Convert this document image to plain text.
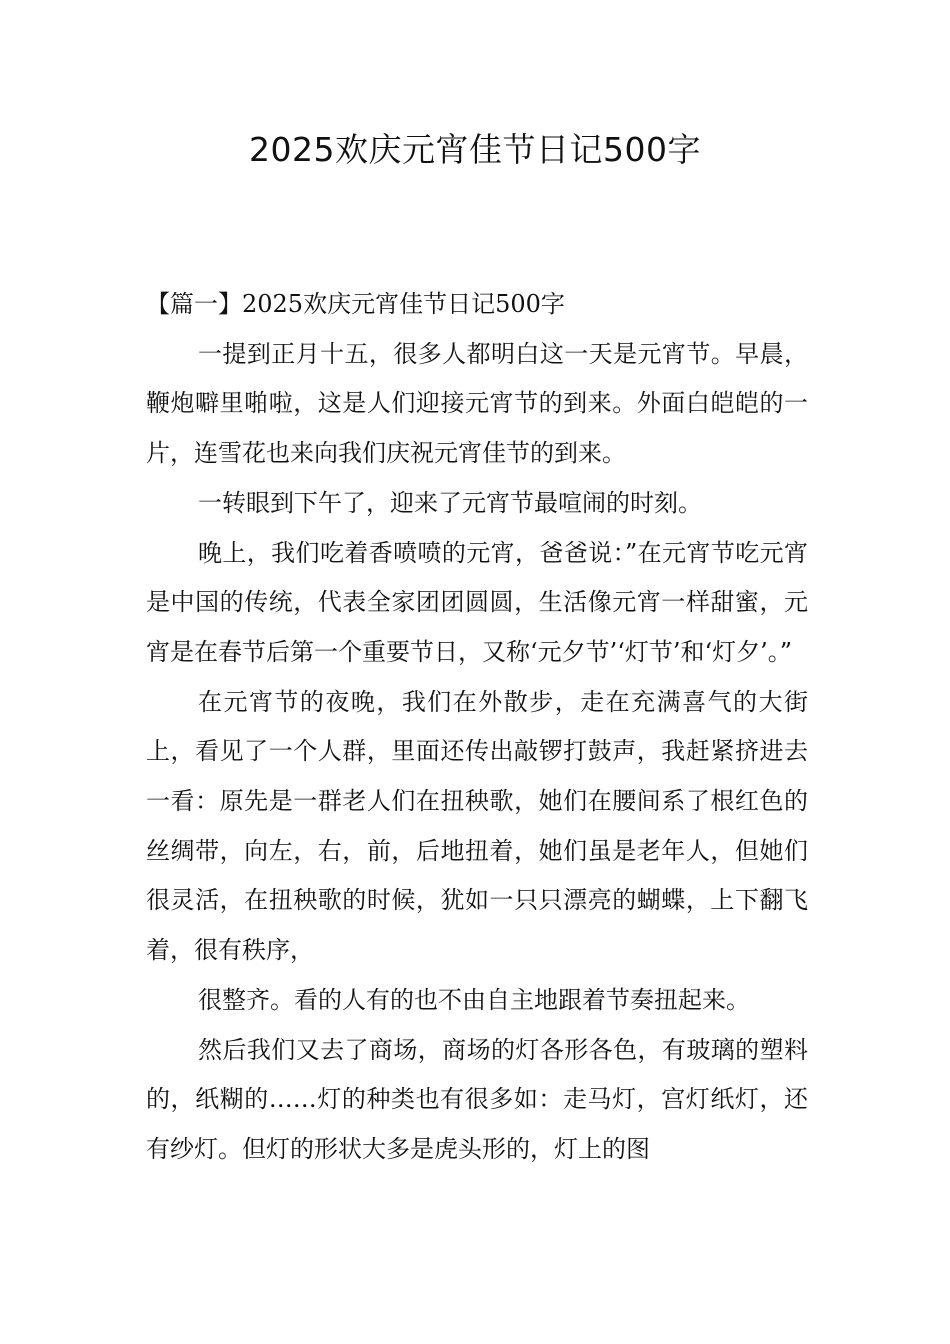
2025欢庆元宵佳节日记500字

【篇一】2025欢庆元宵佳节日记500字

一提到正月十五，很多人都明白这一天是元宵节。早晨，鞭炮噼里啪啦，这是人们迎接元宵节的到来。外面白皑皑的一片，连雪花也来向我们庆祝元宵佳节的到来。

一转眼到下午了，迎来了元宵节最喧闹的时刻。

晚上，我们吃着香喷喷的元宵，爸爸说：”在元宵节吃元宵是中国的传统，代表全家团团圆圆，生活像元宵一样甜蜜，元宵是在春节后第一个重要节日，又称‘元夕节’‘灯节’和‘灯夕’。”

在元宵节的夜晚，我们在外散步，走在充满喜气的大街上，看见了一个人群，里面还传出敲锣打鼓声，我赶紧挤进去一看：原先是一群老人们在扭秧歌，她们在腰间系了根红色的丝绸带，向左，右，前，后地扭着，她们虽是老年人，但她们很灵活，在扭秧歌的时候，犹如一只只漂亮的蝴蝶，上下翻飞着，很有秩序，

很整齐。看的人有的也不由自主地跟着节奏扭起来。

然后我们又去了商场，商场的灯各形各色，有玻璃的塑料的，纸糊的……灯的种类也有很多如：走马灯，宫灯纸灯，还有纱灯。但灯的形状大多是虎头形的，灯上的图
